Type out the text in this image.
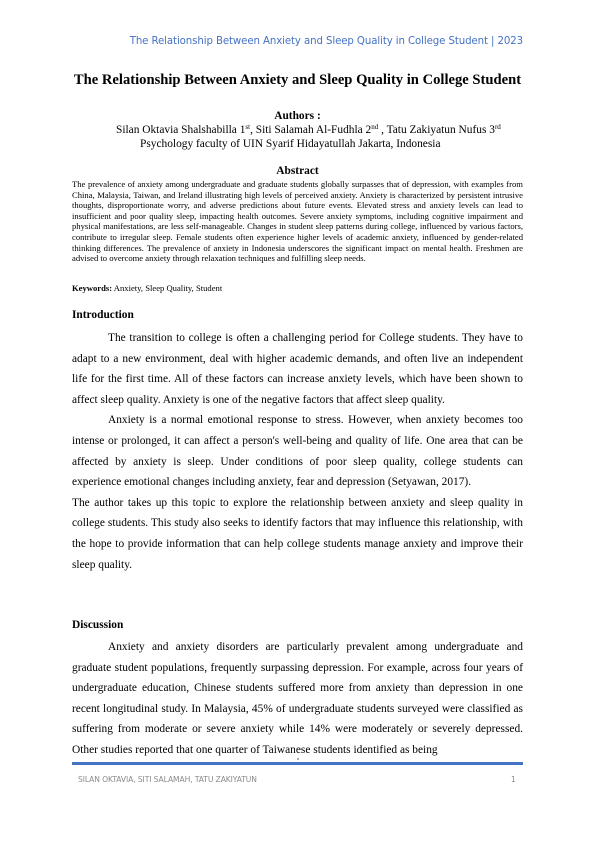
The Relationship Between Anxiety and Sleep Quality in College Student | 2023
The Relationship Between Anxiety and Sleep Quality in College Student
Authors :
Silan Oktavia Shalshabilla 1st, Siti Salamah Al-Fudhla 2nd , Tatu Zakiyatun Nufus 3rd
Psychology faculty of UIN Syarif Hidayatullah Jakarta, Indonesia
Abstract
The prevalence of anxiety among undergraduate and graduate students globally surpasses that of depression, with examples from China, Malaysia, Taiwan, and Ireland illustrating high levels of perceived anxiety. Anxiety is characterized by persistent intrusive thoughts, disproportionate worry, and adverse predictions about future events. Elevated stress and anxiety levels can lead to insufficient and poor quality sleep, impacting health outcomes. Severe anxiety symptoms, including cognitive impairment and physical manifestations, are less self-manageable. Changes in student sleep patterns during college, influenced by various factors, contribute to irregular sleep. Female students often experience higher levels of academic anxiety, influenced by gender-related thinking differences. The prevalence of anxiety in Indonesia underscores the significant impact on mental health. Freshmen are advised to overcome anxiety through relaxation techniques and fulfilling sleep needs.
Keywords: Anxiety, Sleep Quality, Student
Introduction

The transition to college is often a challenging period for College students. They have to adapt to a new environment, deal with higher academic demands, and often live an independent life for the first time. All of these factors can increase anxiety levels, which have been shown to affect sleep quality. Anxiety is one of the negative factors that affect sleep quality.

Anxiety is a normal emotional response to stress. However, when anxiety becomes too intense or prolonged, it can affect a person's well-being and quality of life. One area that can be affected by anxiety is sleep. Under conditions of poor sleep quality, college students can experience emotional changes including anxiety, fear and depression (Setyawan, 2017).

The author takes up this topic to explore the relationship between anxiety and sleep quality in college students. This study also seeks to identify factors that may influence this relationship, with the hope to provide information that can help college students manage anxiety and improve their sleep quality.

Discussion

Anxiety and anxiety disorders are particularly prevalent among undergraduate and graduate student populations, frequently surpassing depression. For example, across four years of undergraduate education, Chinese students suffered more from anxiety than depression in one recent longitudinal study. In Malaysia, 45% of undergraduate students surveyed were classified as suffering from moderate or severe anxiety while 14% were moderately or severely depressed. Other studies reported that one quarter of Taiwanese students identified as being

SILAN OKTAVIA, SITI SALAMAH, TATU ZAKIYATUN	1
